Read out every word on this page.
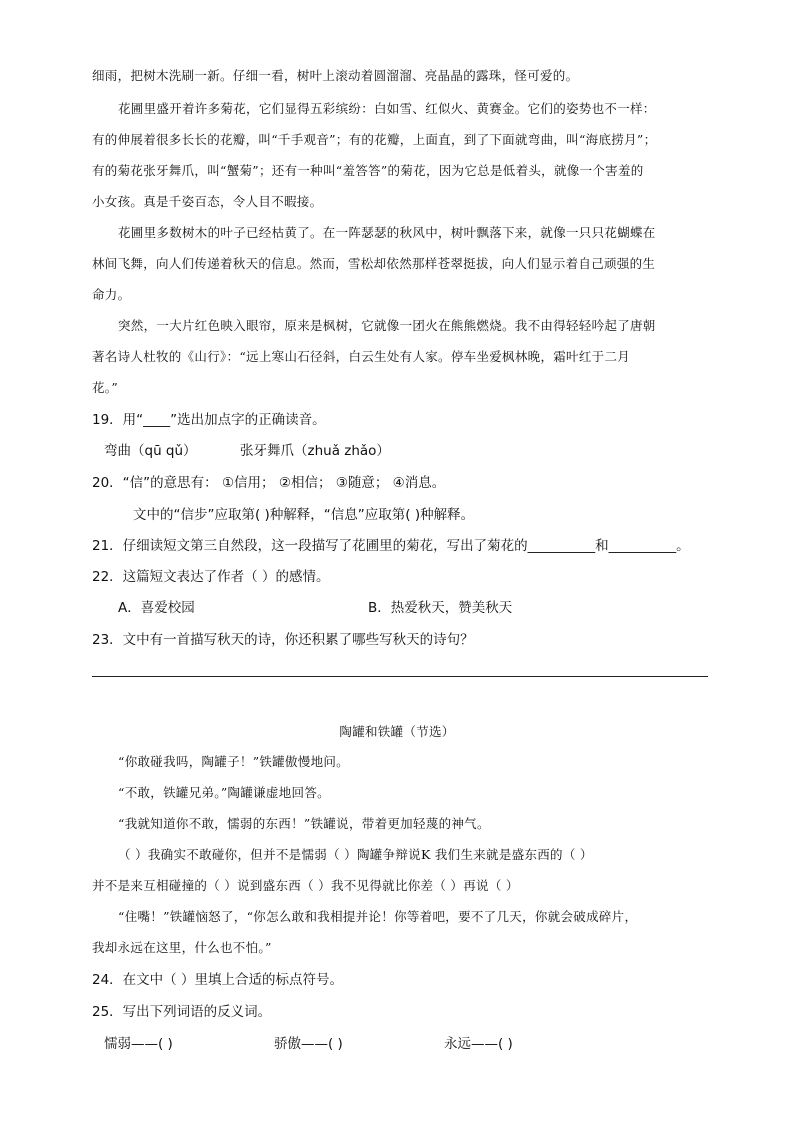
细雨，把树木洗刷一新。仔细一看，树叶上滚动着圆溜溜、亮晶晶的露珠，怪可爱的。
花圃里盛开着许多菊花，它们显得五彩缤纷：白如雪、红似火、黄赛金。它们的姿势也不一样：
有的伸展着很多长长的花瓣，叫“千手观音”；有的花瓣，上面直，到了下面就弯曲，叫“海底捞月”；
有的菊花张牙舞爪，叫“蟹菊”；还有一种叫“羞答答”的菊花，因为它总是低着头，就像一个害羞的
小女孩。真是千姿百态，令人目不暇接。
花圃里多数树木的叶子已经枯黄了。在一阵瑟瑟的秋风中，树叶飘落下来，就像一只只花蝴蝶在
林间飞舞，向人们传递着秋天的信息。然而，雪松却依然那样苍翠挺拔，向人们显示着自己顽强的生
命力。
突然，一大片红色映入眼帘，原来是枫树，它就像一团火在熊熊燃烧。我不由得轻轻吟起了唐朝
著名诗人杜牧的《山行》：“远上寒山石径斜，白云生处有人家。停车坐爱枫林晚，霜叶红于二月
花。”
19．用“____”选出加点字的正确读音。
弯曲（qū qǔ）	张牙舞爪（zhuǎ zhǎo）
20．“信”的意思有： ①信用； ②相信； ③随意； ④消息。
文中的“信步”应取第( )种解释，“信息”应取第( )种解释。
21．仔细读短文第三自然段，这一段描写了花圃里的菊花，写出了菊花的__________和__________。
22．这篇短文表达了作者（ ）的感情。
A．喜爱校园	B．热爱秋天，赞美秋天
23．文中有一首描写秋天的诗，你还积累了哪些写秋天的诗句？
陶罐和铁罐（节选）
“你敢碰我吗，陶罐子！”铁罐傲慢地问。
“不敢，铁罐兄弟。”陶罐谦虚地回答。
“我就知道你不敢，懦弱的东西！”铁罐说，带着更加轻蔑的神气。
（ ）我确实不敢碰你，但并不是懦弱（ ）陶罐争辩说K 我们生来就是盛东西的（ ）
并不是来互相碰撞的（ ）说到盛东西（ ）我不见得就比你差（ ）再说（ ）
“住嘴！”铁罐恼怒了，“你怎么敢和我相提并论！你等着吧，要不了几天，你就会破成碎片，
我却永远在这里，什么也不怕。”
24．在文中（ ）里填上合适的标点符号。
25．写出下列词语的反义词。
懦弱——( )	骄傲——( )	永远——( )
